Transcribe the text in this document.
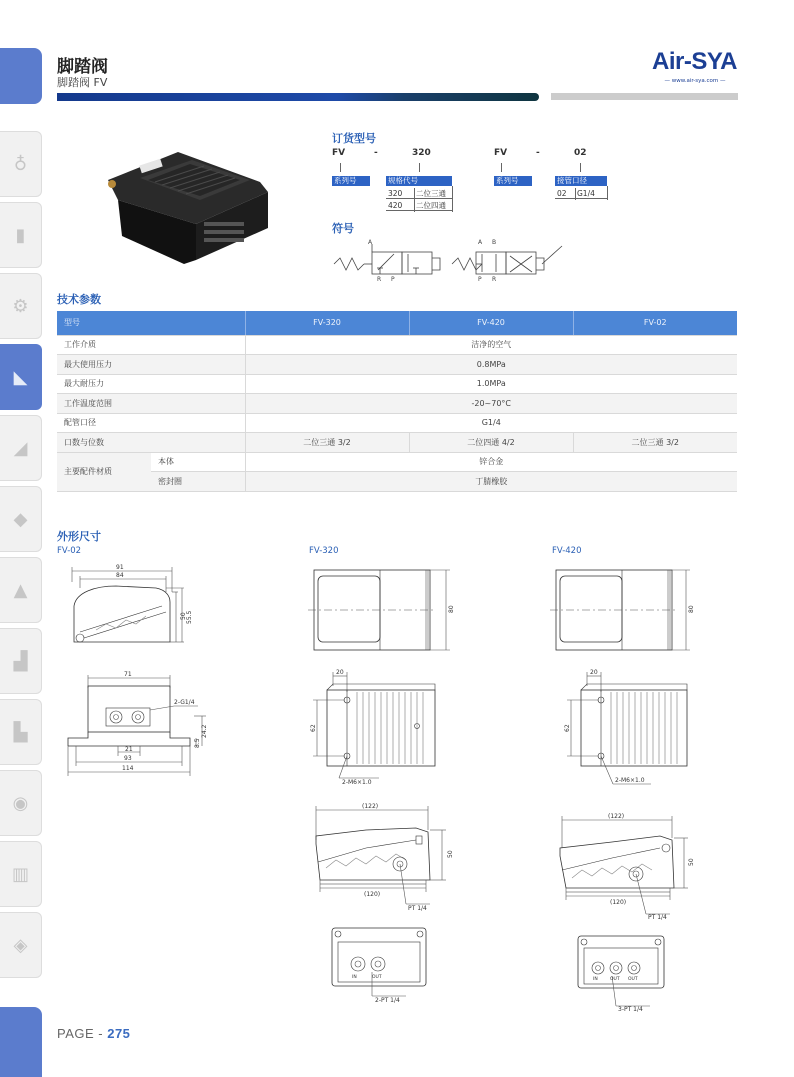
♁
▮
⚙
◣
◢
◆
▲
▟
▙
◉
▥
◈
脚踏阀
脚踏阀 FV
Air-SYA
— www.air-sya.com —
订货型号
FV	-	320
系列号	规格代号
320	二位三通
420	二位四通
FV	-	02
系列号	接管口径
02	G1/4
符号
A
R P
A B
P R
技术参数
型号		FV-320	FV-420	FV-02
工作介质		洁净的空气		
最大使用压力		0.8MPa		
最大耐压力		1.0MPa		
工作温度范围		-20~70°C		
配管口径		G1/4		
口数与位数		二位三通 3/2	二位四通 4/2	二位三通 3/2
主要配件材质	本体	锌合金		
	密封圈	丁腈橡胶		
外形尺寸
FV-02	FV-320	FV-420
91
84
50 55.5
71
2-G1/4
24.2
8.5
21
93
114
80
20
62
2-M6×1.0
(122)
50
(120)
PT 1/4
IN	OUT
2-PT 1/4
80
20
62
2-M6×1.0
(122)
50
(120)
PT 1/4
IN	OUT OUT
3-PT 1/4
PAGE - 275
